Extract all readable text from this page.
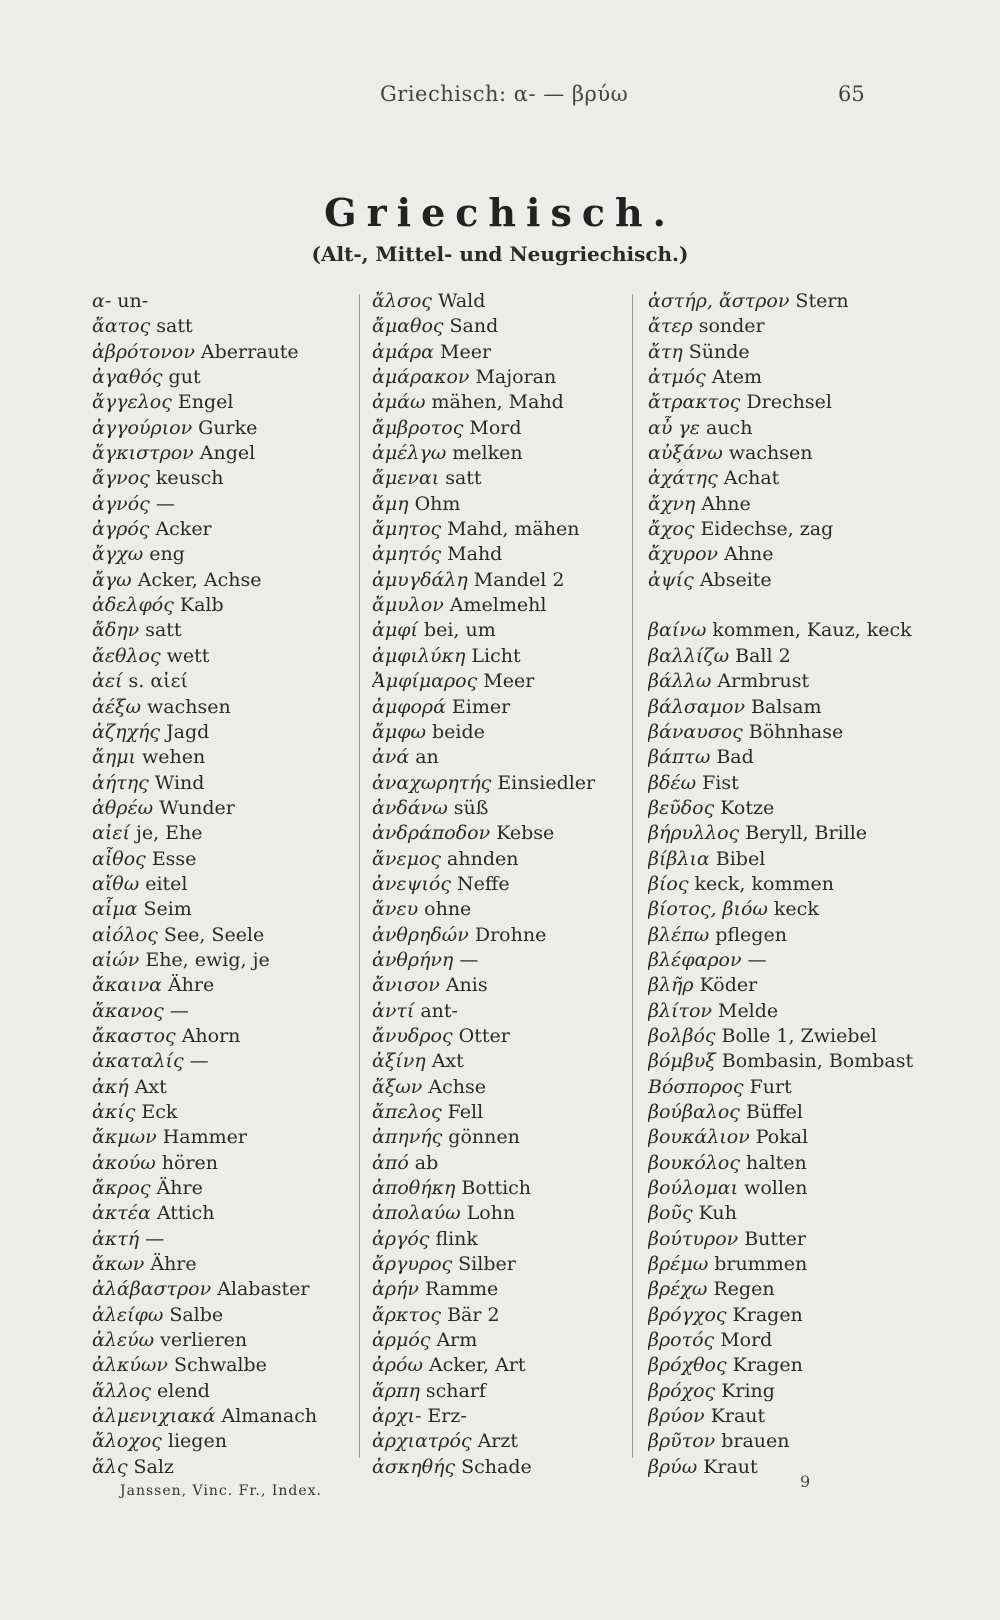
Griechisch: α- — βρύω	65
Griechisch.
(Alt-, Mittel- und Neugriechisch.)
α- un-
ἄατος satt
ἀβρότονον Aberraute
ἀγαθός gut
ἄγγελος Engel
ἀγγούριον Gurke
ἄγκιστρον Angel
ἄγνος keusch
ἀγνός —
ἀγρός Acker
ἄγχω eng
ἄγω Acker, Achse
ἀδελφός Kalb
ἄδην satt
ἄεθλος wett
ἀεί s. αἰεί
ἀέξω wachsen
ἀζηχής Jagd
ἄημι wehen
ἀήτης Wind
ἀθρέω Wunder
αἰεί je, Ehe
αἶθος Esse
αἴθω eitel
αἷμα Seim
αἰόλος See, Seele
αἰών Ehe, ewig, je
ἄκαινα Ähre
ἄκανος —
ἄκαστος Ahorn
ἀκαταλίς —
ἀκή Axt
ἀκίς Eck
ἄκμων Hammer
ἀκούω hören
ἄκρος Ähre
ἀκτέα Attich
ἀκτή —
ἄκων Ähre
ἀλάβαστρον Alabaster
ἀλείφω Salbe
ἀλεύω verlieren
ἀλκύων Schwalbe
ἄλλος elend
ἀλμενιχιακά Almanach
ἄλοχος liegen
ἅλς Salz
ἄλσος Wald
ἄμαθος Sand
ἀμάρα Meer
ἀμάρακον Majoran
ἀμάω mähen, Mahd
ἄμβροτος Mord
ἀμέλγω melken
ἄμεναι satt
ἄμη Ohm
ἄμητος Mahd, mähen
ἀμητός Mahd
ἀμυγδάλη Mandel 2
ἄμυλον Amelmehl
ἀμφί bei, um
ἀμφιλύκη Licht
Ἀμφίμαρος Meer
ἀμφορά Eimer
ἄμφω beide
ἀνά an
ἀναχωρητής Einsiedler
ἀνδάνω süß
ἀνδράποδον Kebse
ἄνεμος ahnden
ἀνεψιός Neffe
ἄνευ ohne
ἀνθρηδών Drohne
ἀνθρήνη —
ἄνισον Anis
ἀντί ant-
ἄνυδρος Otter
ἀξίνη Axt
ἄξων Achse
ἄπελος Fell
ἀπηνής gönnen
ἀπό ab
ἀποθήκη Bottich
ἀπολαύω Lohn
ἀργός flink
ἄργυρος Silber
ἀρήν Ramme
ἄρκτος Bär 2
ἀρμός Arm
ἀρόω Acker, Art
ἄρπη scharf
ἀρχι- Erz-
ἀρχιατρός Arzt
ἀσκηθής Schade
ἀστήρ, ἄστρον Stern
ἄτερ sonder
ἄτη Sünde
ἀτμός Atem
ἄτρακτος Drechsel
αὖ γε auch
αὐξάνω wachsen
ἀχάτης Achat
ἄχνη Ahne
ἄχος Eidechse, zag
ἄχυρον Ahne
ἀψίς Abseite
βαίνω kommen, Kauz, keck
βαλλίζω Ball 2
βάλλω Armbrust
βάλσαμον Balsam
βάναυσος Böhnhase
βάπτω Bad
βδέω Fist
βεῦδος Kotze
βήρυλλος Beryll, Brille
βίβλια Bibel
βίος keck, kommen
βίοτος, βιόω keck
βλέπω pflegen
βλέφαρον —
βλῆρ Köder
βλίτον Melde
βολβός Bolle 1, Zwiebel
βόμβυξ Bombasin, Bombast
Βόσπορος Furt
βούβαλος Büffel
βουκάλιον Pokal
βουκόλος halten
βούλομαι wollen
βοῦς Kuh
βούτυρον Butter
βρέμω brummen
βρέχω Regen
βρόγχος Kragen
βροτός Mord
βρόχθος Kragen
βρόχος Kring
βρύον Kraut
βρῦτον brauen
βρύω Kraut
Janssen, Vinc. Fr., Index.	9
